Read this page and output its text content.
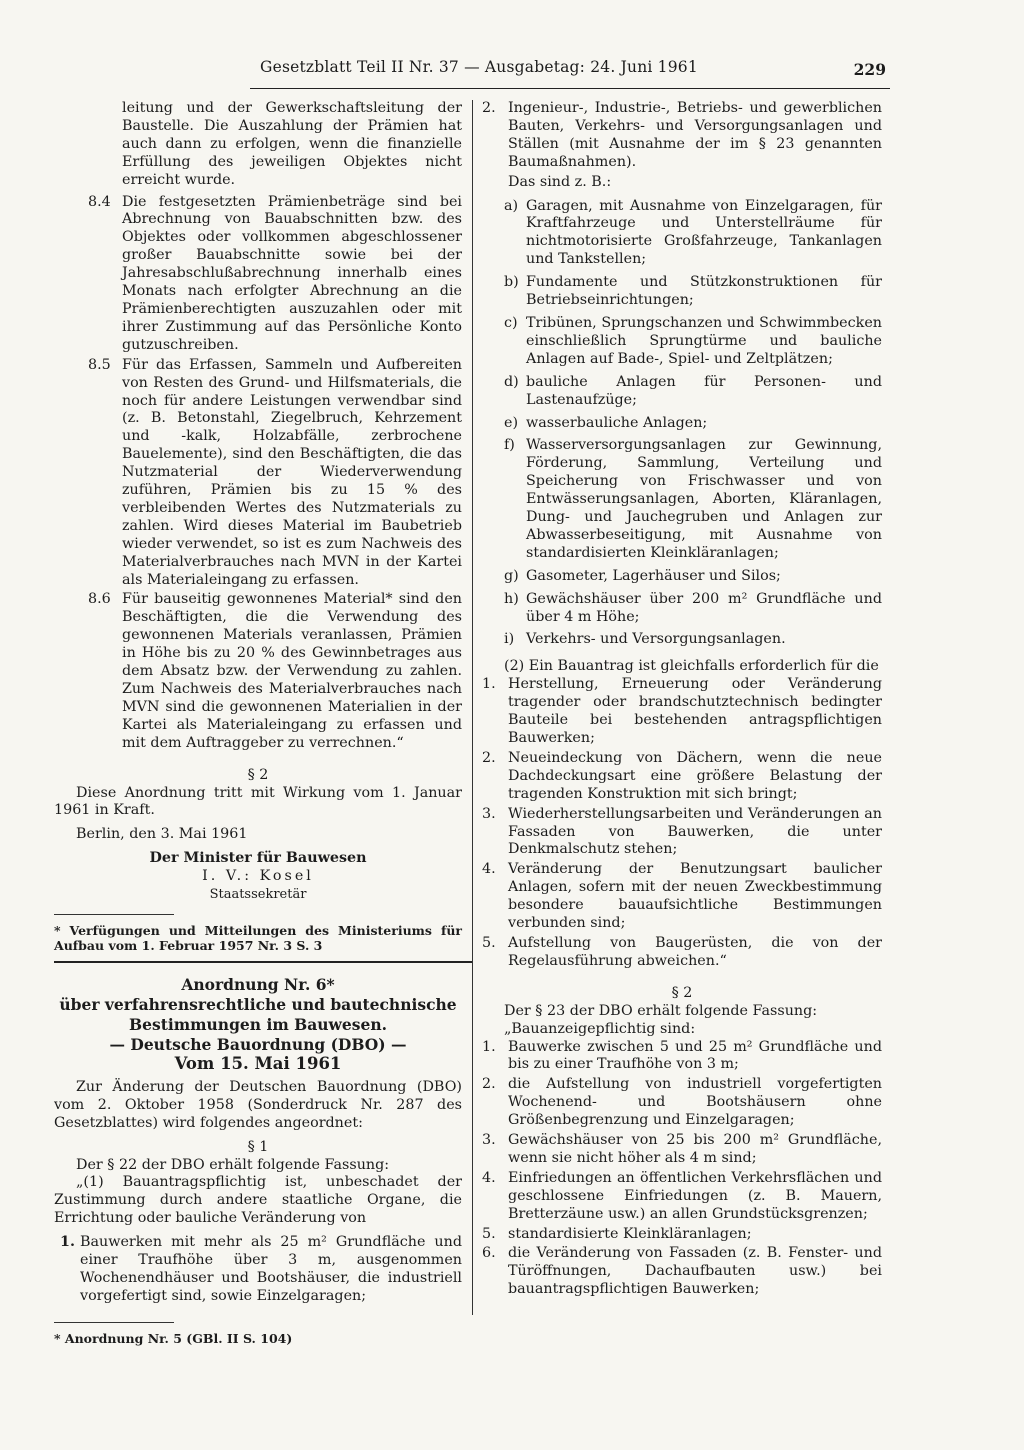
Gesetzblatt Teil II Nr. 37 — Ausgabetag: 24. Juni 1961	229

leitung und der Gewerkschaftsleitung der Baustelle. Die Auszahlung der Prämien hat auch dann zu erfolgen, wenn die finanzielle Erfüllung des jeweiligen Objektes nicht erreicht wurde.

8.4 Die festgesetzten Prämienbeträge sind bei Abrechnung von Bauabschnitten bzw. des Objektes oder vollkommen abgeschlossener großer Bauabschnitte sowie bei der Jahresabschlußabrechnung innerhalb eines Monats nach erfolgter Abrechnung an die Prämienberechtigten auszuzahlen oder mit ihrer Zustimmung auf das Persönliche Konto gutzuschreiben.

8.5 Für das Erfassen, Sammeln und Aufbereiten von Resten des Grund- und Hilfsmaterials, die noch für andere Leistungen verwendbar sind (z. B. Betonstahl, Ziegelbruch, Kehrzement und -kalk, Holzabfälle, zerbrochene Bauelemente), sind den Beschäftigten, die das Nutzmaterial der Wiederverwendung zuführen, Prämien bis zu 15 % des verbleibenden Wertes des Nutzmaterials zu zahlen. Wird dieses Material im Baubetrieb wieder verwendet, so ist es zum Nachweis des Materialverbrauches nach MVN in der Kartei als Materialeingang zu erfassen.

8.6 Für bauseitig gewonnenes Material* sind den Beschäftigten, die die Verwendung des gewonnenen Materials veranlassen, Prämien in Höhe bis zu 20 % des Gewinnbetrages aus dem Absatz bzw. der Verwendung zu zahlen. Zum Nachweis des Materialverbrauches nach MVN sind die gewonnenen Materialien in der Kartei als Materialeingang zu erfassen und mit dem Auftraggeber zu verrechnen.“

§ 2

Diese Anordnung tritt mit Wirkung vom 1. Januar 1961 in Kraft.

Berlin, den 3. Mai 1961

Der Minister für Bauwesen

I. V.: Kosel

Staatssekretär

* Verfügungen und Mitteilungen des Ministeriums für Aufbau vom 1. Februar 1957 Nr. 3 S. 3

Anordnung Nr. 6*

über verfahrensrechtliche und bautechnische

Bestimmungen im Bauwesen.

— Deutsche Bauordnung (DBO) —

Vom 15. Mai 1961

Zur Änderung der Deutschen Bauordnung (DBO) vom 2. Oktober 1958 (Sonderdruck Nr. 287 des Gesetzblattes) wird folgendes angeordnet:

§ 1

Der § 22 der DBO erhält folgende Fassung:

„(1) Bauantragspflichtig ist, unbeschadet der Zustimmung durch andere staatliche Organe, die Errichtung oder bauliche Veränderung von

1. Bauwerken mit mehr als 25 m² Grundfläche und einer Traufhöhe über 3 m, ausgenommen Wochenendhäuser und Bootshäuser, die industriell vorgefertigt sind, sowie Einzelgaragen;

* Anordnung Nr. 5 (GBl. II S. 104)

2. Ingenieur-, Industrie-, Betriebs- und gewerblichen Bauten, Verkehrs- und Versorgungsanlagen und Ställen (mit Ausnahme der im § 23 genannten Baumaßnahmen).

Das sind z. B.:

a) Garagen, mit Ausnahme von Einzelgaragen, für Kraftfahrzeuge und Unterstellräume für nichtmotorisierte Großfahrzeuge, Tankanlagen und Tankstellen;

b) Fundamente und Stützkonstruktionen für Betriebseinrichtungen;

c) Tribünen, Sprungschanzen und Schwimmbecken einschließlich Sprungtürme und bauliche Anlagen auf Bade-, Spiel- und Zeltplätzen;

d) bauliche Anlagen für Personen- und Lastenaufzüge;

e) wasserbauliche Anlagen;

f) Wasserversorgungsanlagen zur Gewinnung, Förderung, Sammlung, Verteilung und Speicherung von Frischwasser und von Entwässerungsanlagen, Aborten, Kläranlagen, Dung- und Jauchegruben und Anlagen zur Abwasserbeseitigung, mit Ausnahme von standardisierten Kleinkläranlagen;

g) Gasometer, Lagerhäuser und Silos;

h) Gewächshäuser über 200 m² Grundfläche und über 4 m Höhe;

i) Verkehrs- und Versorgungsanlagen.

(2) Ein Bauantrag ist gleichfalls erforderlich für die

1. Herstellung, Erneuerung oder Veränderung tragender oder brandschutztechnisch bedingter Bauteile bei bestehenden antragspflichtigen Bauwerken;

2. Neueindeckung von Dächern, wenn die neue Dachdeckungsart eine größere Belastung der tragenden Konstruktion mit sich bringt;

3. Wiederherstellungsarbeiten und Veränderungen an Fassaden von Bauwerken, die unter Denkmalschutz stehen;

4. Veränderung der Benutzungsart baulicher Anlagen, sofern mit der neuen Zweckbestimmung besondere bauaufsichtliche Bestimmungen verbunden sind;

5. Aufstellung von Baugerüsten, die von der Regelausführung abweichen.“

§ 2

Der § 23 der DBO erhält folgende Fassung:

„Bauanzeigepflichtig sind:

1. Bauwerke zwischen 5 und 25 m² Grundfläche und bis zu einer Traufhöhe von 3 m;

2. die Aufstellung von industriell vorgefertigten Wochenend- und Bootshäusern ohne Größenbegrenzung und Einzelgaragen;

3. Gewächshäuser von 25 bis 200 m² Grundfläche, wenn sie nicht höher als 4 m sind;

4. Einfriedungen an öffentlichen Verkehrsflächen und geschlossene Einfriedungen (z. B. Mauern, Bretterzäune usw.) an allen Grundstücksgrenzen;

5. standardisierte Kleinkläranlagen;

6. die Veränderung von Fassaden (z. B. Fenster- und Türöffnungen, Dachaufbauten usw.) bei bauantragspflichtigen Bauwerken;
